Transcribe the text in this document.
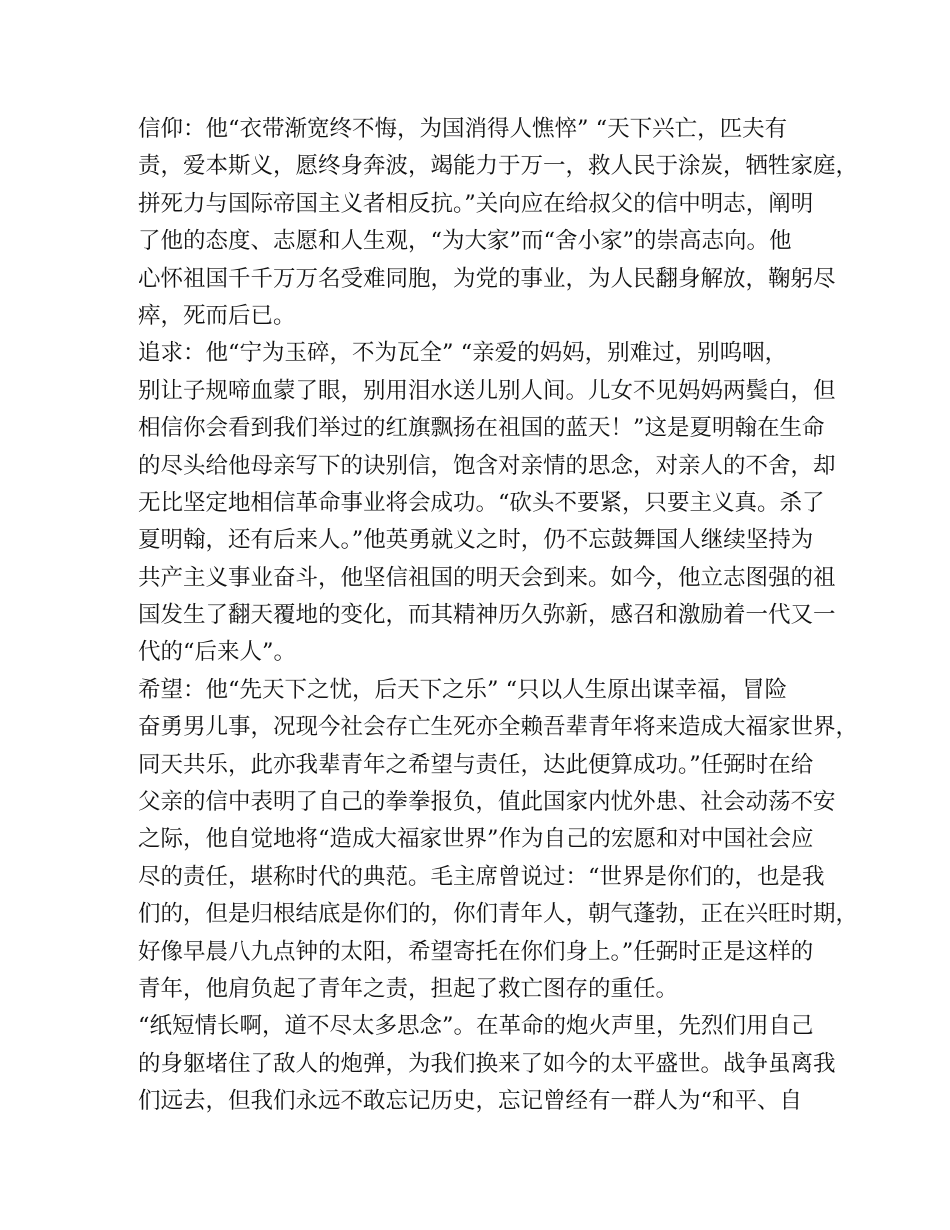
信仰：他“衣带渐宽终不悔，为国消得人憔悴” “天下兴亡，匹夫有
责，爱本斯义，愿终身奔波，竭能力于万一，救人民于涂炭，牺牲家庭，
拼死力与国际帝国主义者相反抗。”关向应在给叔父的信中明志，阐明
了他的态度、志愿和人生观，“为大家”而“舍小家”的崇高志向。他
心怀祖国千千万万名受难同胞，为党的事业，为人民翻身解放，鞠躬尽
瘁，死而后已。
追求：他“宁为玉碎，不为瓦全” “亲爱的妈妈，别难过，别呜咽，
别让子规啼血蒙了眼，别用泪水送儿别人间。儿女不见妈妈两鬓白，但
相信你会看到我们举过的红旗飘扬在祖国的蓝天！”这是夏明翰在生命
的尽头给他母亲写下的诀别信，饱含对亲情的思念，对亲人的不舍，却
无比坚定地相信革命事业将会成功。“砍头不要紧，只要主义真。杀了
夏明翰，还有后来人。”他英勇就义之时，仍不忘鼓舞国人继续坚持为
共产主义事业奋斗，他坚信祖国的明天会到来。如今，他立志图强的祖
国发生了翻天覆地的变化，而其精神历久弥新，感召和激励着一代又一
代的“后来人”。
希望：他“先天下之忧，后天下之乐” “只以人生原出谋幸福，冒险
奋勇男儿事，况现今社会存亡生死亦全赖吾辈青年将来造成大福家世界，
同天共乐，此亦我辈青年之希望与责任，达此便算成功。”任弼时在给
父亲的信中表明了自己的拳拳报负，值此国家内忧外患、社会动荡不安
之际，他自觉地将“造成大福家世界”作为自己的宏愿和对中国社会应
尽的责任，堪称时代的典范。毛主席曾说过：“世界是你们的，也是我
们的，但是归根结底是你们的，你们青年人，朝气蓬勃，正在兴旺时期，
好像早晨八九点钟的太阳，希望寄托在你们身上。”任弼时正是这样的
青年，他肩负起了青年之责，担起了救亡图存的重任。
“纸短情长啊，道不尽太多思念”。在革命的炮火声里，先烈们用自己
的身躯堵住了敌人的炮弹，为我们换来了如今的太平盛世。战争虽离我
们远去，但我们永远不敢忘记历史，忘记曾经有一群人为“和平、自
